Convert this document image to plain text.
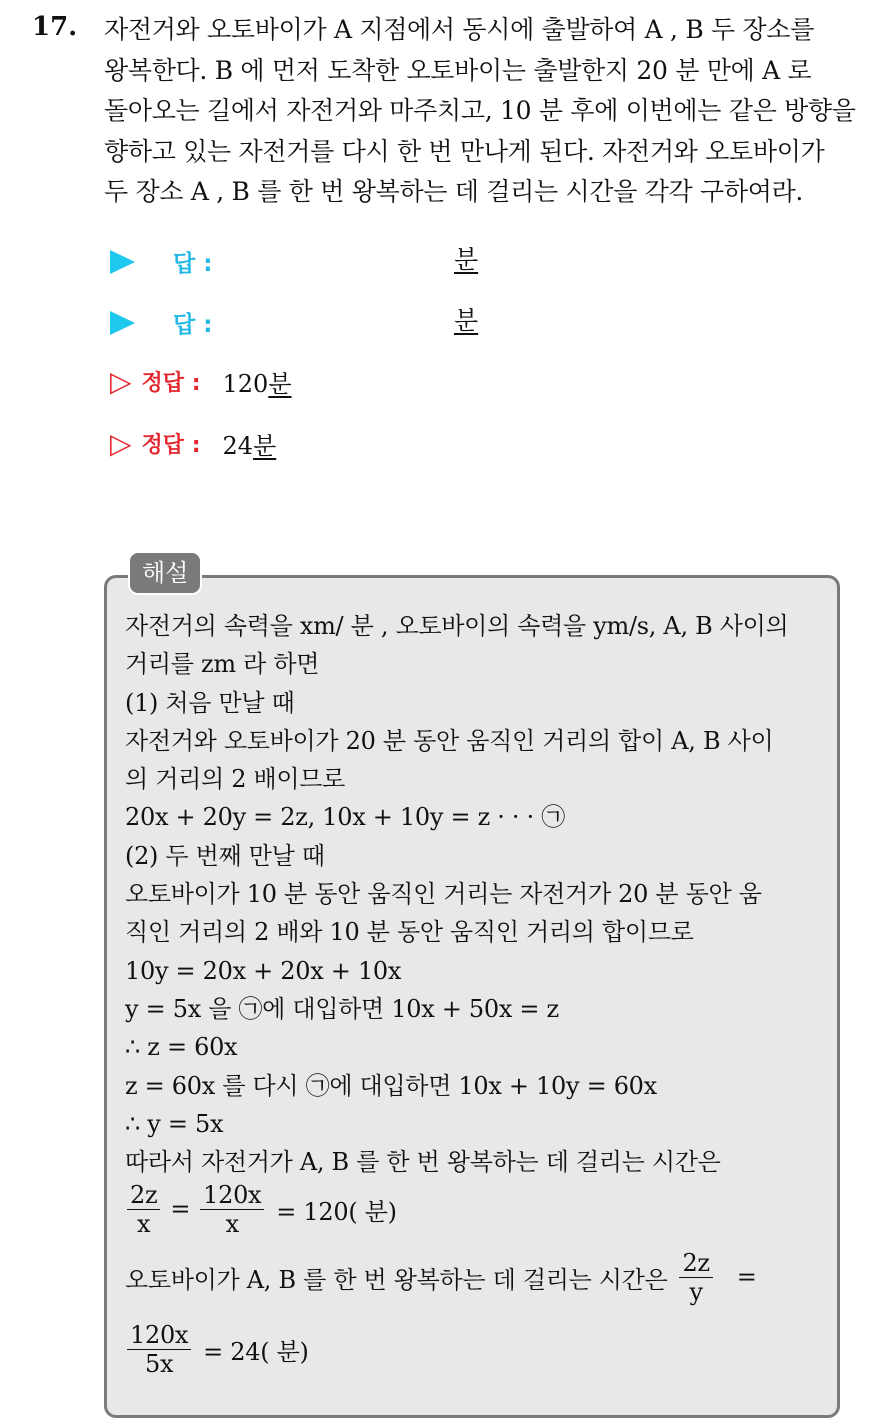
17. 자전거와 오토바이가 A 지점에서 동시에 출발하여 A , B 두 장소를
왕복한다. B 에 먼저 도착한 오토바이는 출발한지 20 분 만에 A 로
돌아오는 길에서 자전거와 마주치고, 10 분 후에 이번에는 같은 방향을
향하고 있는 자전거를 다시 한 번 만나게 된다. 자전거와 오토바이가
두 장소 A , B 를 한 번 왕복하는 데 걸리는 시간을 각각 구하여라.
답 :	분
답 :	분
▷ 정답 : 120분
▷ 정답 : 24분
해설
자전거의 속력을 xm/ 분 , 오토바이의 속력을 ym/s, A, B 사이의
거리를 zm 라 하면
(1) 처음 만날 때
자전거와 오토바이가 20 분 동안 움직인 거리의 합이 A, B 사이
의 거리의 2 배이므로
20x + 20y = 2z, 10x + 10y = z · · · ㉠
(2) 두 번째 만날 때
오토바이가 10 분 동안 움직인 거리는 자전거가 20 분 동안 움
직인 거리의 2 배와 10 분 동안 움직인 거리의 합이므로
10y = 20x + 20x + 10x
y = 5x 을 ㉠에 대입하면 10x + 50x = z
∴ z = 60x
z = 60x 를 다시 ㉠에 대입하면 10x + 10y = 60x
∴ y = 5x
따라서 자전거가 A, B 를 한 번 왕복하는 데 걸리는 시간은
$\frac{2z}{x} = \frac{120x}{x} = 120$( 분)
오토바이가 A, B 를 한 번 왕복하는 데 걸리는 시간은 $\frac{2z}{y}$ =
$\frac{120x}{5x} = 24$( 분)
